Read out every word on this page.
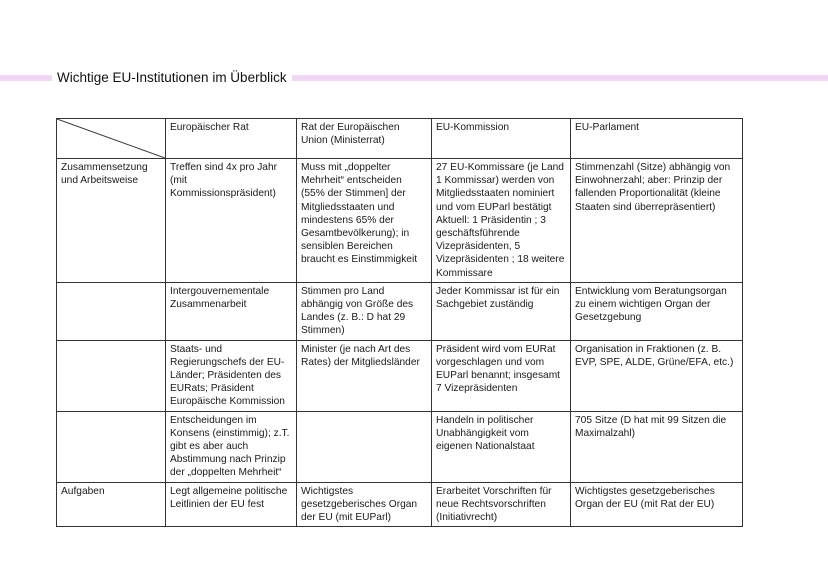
Wichtige EU-Institutionen im Überblick
	Europäischer Rat	Rat der Europäischen Union (Ministerrat)	EU-Kommission	EU-Parlament
Zusammensetzung und Arbeitsweise	Treffen sind 4x pro Jahr (mit Kommissionspräsident)	Muss mit „doppelter Mehrheit“ entscheiden (55% der Stimmen] der Mitgliedsstaaten und mindestens 65% der Gesamtbevölkerung); in sensiblen Bereichen braucht es Einstimmigkeit	27 EU-Kommissare (je Land 1 Kommissar) werden von Mitgliedsstaaten nominiert und vom EUParl bestätigt Aktuell: 1 Präsidentin ; 3 geschäftsführende Vizepräsidenten, 5 Vizepräsidenten ; 18 weitere Kommissare	Stimmenzahl (Sitze) abhängig von Einwohnerzahl; aber: Prinzip der fallenden Proportionalität (kleine Staaten sind überrepräsentiert)
	Intergouvernementale Zusammenarbeit	Stimmen pro Land abhängig von Größe des Landes (z. B.: D hat 29 Stimmen)	Jeder Kommissar ist für ein Sachgebiet zuständig	Entwicklung vom Beratungsorgan zu einem wichtigen Organ der Gesetzgebung
	Staats- und Regierungschefs der EU-Länder; Präsidenten des EURats; Präsident Europäische Kommission	Minister (je nach Art des Rates) der Mitgliedsländer	Präsident wird vom EURat vorgeschlagen und vom EUParl benannt; insgesamt 7 Vizepräsidenten	Organisation in Fraktionen (z. B. EVP, SPE, ALDE, Grüne/EFA, etc.)
	Entscheidungen im Konsens (einstimmig); z.T. gibt es aber auch Abstimmung nach Prinzip der „doppelten Mehrheit“		Handeln in politischer Unabhängigkeit vom eigenen Nationalstaat	705 Sitze (D hat mit 99 Sitzen die Maximalzahl)
Aufgaben	Legt allgemeine politische Leitlinien der EU fest	Wichtigstes gesetzgeberisches Organ der EU (mit EUParl)	Erarbeitet Vorschriften für neue Rechtsvorschriften (Initiativrecht)	Wichtigstes gesetzgeberisches Organ der EU (mit Rat der EU)
